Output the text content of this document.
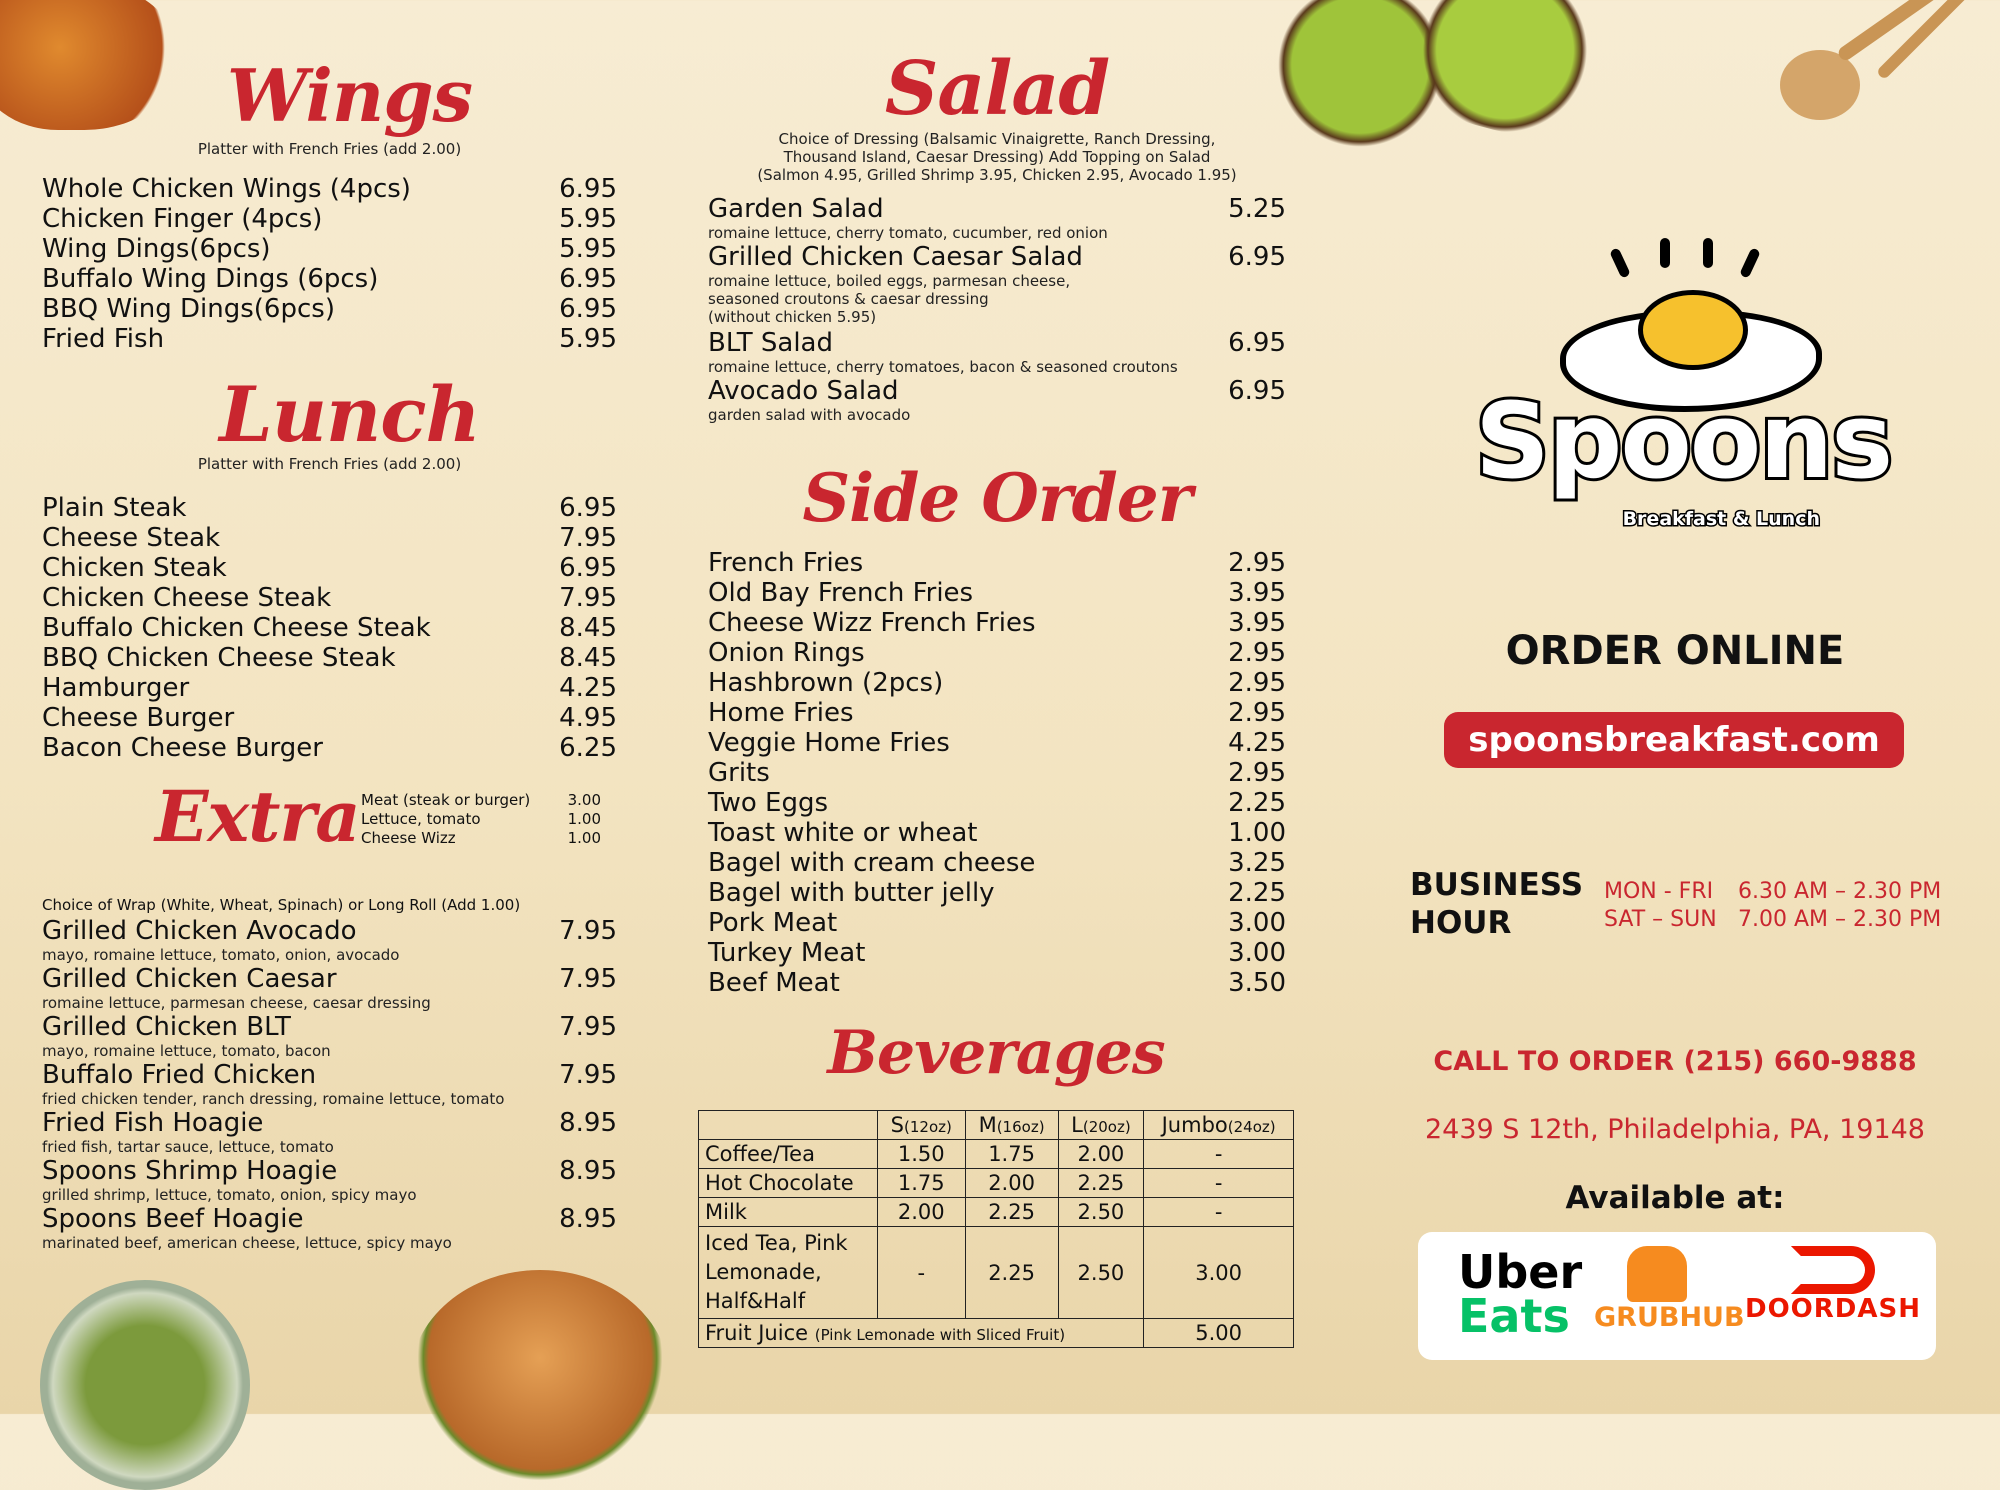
Wings
Platter with French Fries (add 2.00)
Whole Chicken Wings (4pcs)	6.95
Chicken Finger (4pcs)	5.95
Wing Dings(6pcs)	5.95
Buffalo Wing Dings (6pcs)	6.95
BBQ Wing Dings(6pcs)	6.95
Fried Fish	5.95
Lunch
Platter with French Fries (add 2.00)
Plain Steak	6.95
Cheese Steak	7.95
Chicken Steak	6.95
Chicken Cheese Steak	7.95
Buffalo Chicken Cheese Steak	8.45
BBQ Chicken Cheese Steak	8.45
Hamburger	4.25
Cheese Burger	4.95
Bacon Cheese Burger	6.25
Extra Meat (steak or burger) 3.00
Lettuce, tomato	1.00
Cheese Wizz	1.00
Choice of Wrap (White, Wheat, Spinach) or Long Roll (Add 1.00)
Grilled Chicken Avocado	7.95
mayo, romaine lettuce, tomato, onion, avocado
Grilled Chicken Caesar	7.95
romaine lettuce, parmesan cheese, caesar dressing
Grilled Chicken BLT	7.95
mayo, romaine lettuce, tomato, bacon
Buffalo Fried Chicken	7.95
fried chicken tender, ranch dressing, romaine lettuce, tomato
Fried Fish Hoagie	8.95
fried fish, tartar sauce, lettuce, tomato
Spoons Shrimp Hoagie	8.95
grilled shrimp, lettuce, tomato, onion, spicy mayo
Spoons Beef Hoagie	8.95
marinated beef, american cheese, lettuce, spicy mayo
Salad
Choice of Dressing (Balsamic Vinaigrette, Ranch Dressing,
Thousand Island, Caesar Dressing) Add Topping on Salad
(Salmon 4.95, Grilled Shrimp 3.95, Chicken 2.95, Avocado 1.95)
Garden Salad	5.25
romaine lettuce, cherry tomato, cucumber, red onion
Grilled Chicken Caesar Salad	6.95
romaine lettuce, boiled eggs, parmesan cheese,
seasoned croutons & caesar dressing
(without chicken 5.95)
BLT Salad	6.95
romaine lettuce, cherry tomatoes, bacon & seasoned croutons
Avocado Salad	6.95
garden salad with avocado
Side Order
French Fries	2.95
Old Bay French Fries	3.95
Cheese Wizz French Fries	3.95
Onion Rings	2.95
Hashbrown (2pcs)	2.95
Home Fries	2.95
Veggie Home Fries	4.25
Grits	2.95
Two Eggs	2.25
Toast white or wheat	1.00
Bagel with cream cheese	3.25
Bagel with butter jelly	2.25
Pork Meat	3.00
Turkey Meat	3.00
Beef Meat	3.50
Beverages
	S(12oz)	M(16oz)	L(20oz)	Jumbo(24oz)
Coffee/Tea	1.50	1.75	2.00	-
Hot Chocolate	1.75	2.00	2.25	-
Milk	2.00	2.25	2.50	-

Iced Tea, Pink
Lemonade,
Half&Half	-	2.25	2.50	3.00
Fruit Juice (Pink Lemonade with Sliced Fruit)				5.00
Spoons
Breakfast & Lunch
ORDER ONLINE
spoonsbreakfast.com
BUSINESS
HOUR
MON - FRI 6.30 AM – 2.30 PM
SAT – SUN 7.00 AM – 2.30 PM
CALL TO ORDER (215) 660-9888
2439 S 12th, Philadelphia, PA, 19148
Available at:
Uber
Eats GRUBHUB DOORDASH
